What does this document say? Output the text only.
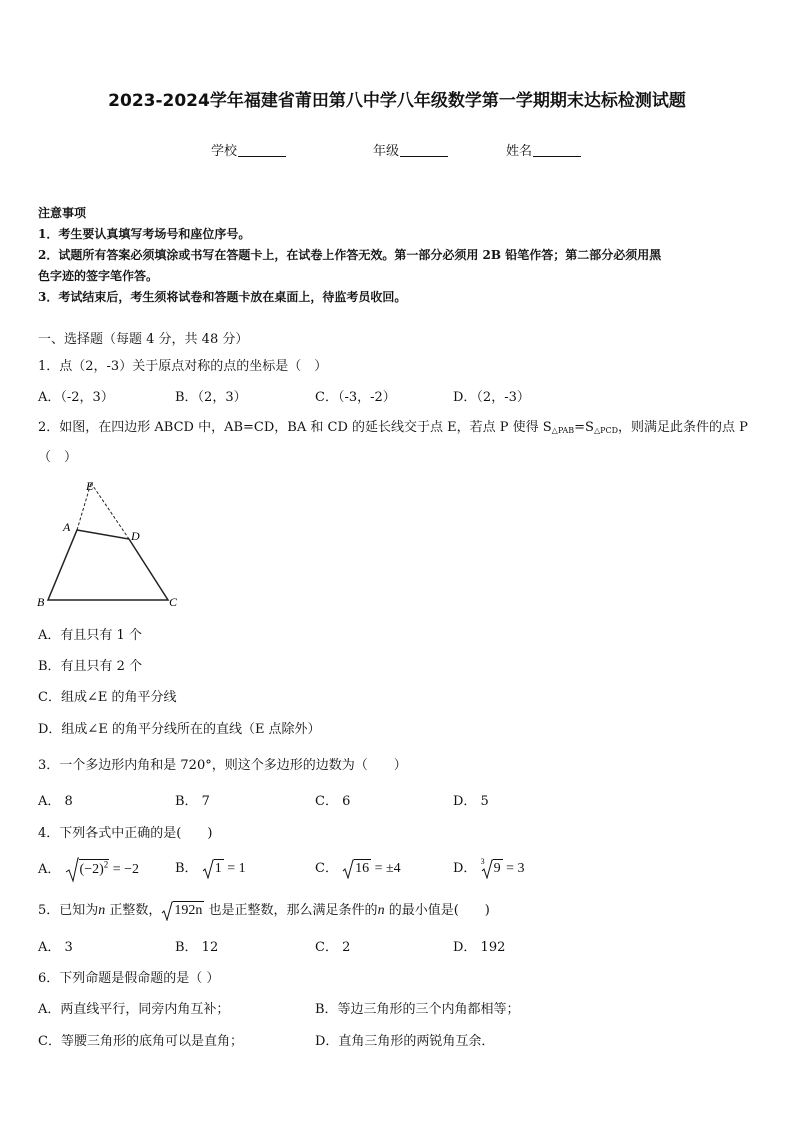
2023-2024学年福建省莆田第八中学八年级数学第一学期期末达标检测试题
学校	年级	姓名
注意事项
1．考生要认真填写考场号和座位序号。
2．试题所有答案必须填涂或书写在答题卡上，在试卷上作答无效。第一部分必须用 2B 铅笔作答；第二部分必须用黑
色字迹的签字笔作答。
3．考试结束后，考生须将试卷和答题卡放在桌面上，待监考员收回。
一、选择题（每题 4 分，共 48 分）
1．点（2，-3）关于原点对称的点的坐标是（　）
A．（-2，3）	B．（2，3）	C．（-3，-2）	D．（2，-3）
2．如图，在四边形 ABCD 中，AB=CD，BA 和 CD 的延长线交于点 E，若点 P 使得 $S_{\triangle PAB}=S_{\triangle PCD}$，则满足此条件的点 P
（　）
E
A
D
B	C
A．有且只有 1 个
B．有且只有 2 个
C．组成∠E 的角平分线
D．组成∠E 的角平分线所在的直线（E 点除外）
3．一个多边形内角和是 720°，则这个多边形的边数为（　　）
A． 8	B． 7	C． 6	D． 5
4．下列各式中正确的是(　　)
A． $(-2)^2 = -2$	B． 1 = 1	C． 16 = ±4	D． $^3$ 9 = 3
5．已知为n 正整数， 192n 也是正整数，那么满足条件的n 的最小值是(　　)
A． 3	B． 12	C． 2	D． 192
6．下列命题是假命题的是（ ）
A．两直线平行，同旁内角互补；	B．等边三角形的三个内角都相等；
C．等腰三角形的底角可以是直角；	D．直角三角形的两锐角互余．
